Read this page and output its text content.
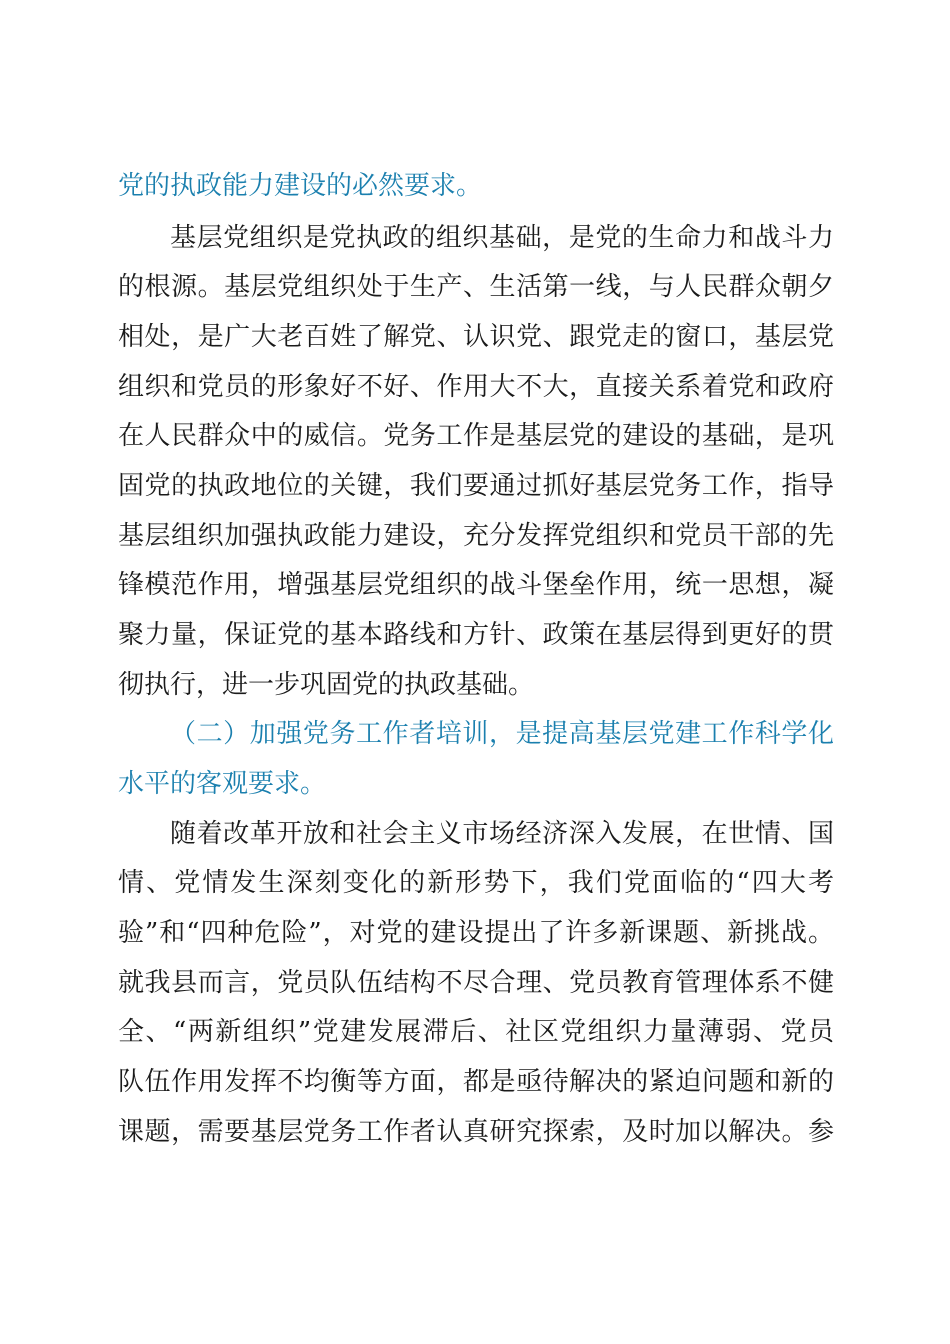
党的执政能力建设的必然要求。
基层党组织是党执政的组织基础，是党的生命力和战斗力
的根源。基层党组织处于生产、生活第一线，与人民群众朝夕
相处，是广大老百姓了解党、认识党、跟党走的窗口，基层党
组织和党员的形象好不好、作用大不大，直接关系着党和政府
在人民群众中的威信。党务工作是基层党的建设的基础，是巩
固党的执政地位的关键，我们要通过抓好基层党务工作，指导
基层组织加强执政能力建设，充分发挥党组织和党员干部的先
锋模范作用，增强基层党组织的战斗堡垒作用，统一思想，凝
聚力量，保证党的基本路线和方针、政策在基层得到更好的贯
彻执行，进一步巩固党的执政基础。
（二）加强党务工作者培训，是提高基层党建工作科学化
水平的客观要求。
随着改革开放和社会主义市场经济深入发展，在世情、国
情、党情发生深刻变化的新形势下，我们党面临的“四大考
验”和“四种危险”，对党的建设提出了许多新课题、新挑战。
就我县而言，党员队伍结构不尽合理、党员教育管理体系不健
全、“两新组织”党建发展滞后、社区党组织力量薄弱、党员
队伍作用发挥不均衡等方面，都是亟待解决的紧迫问题和新的
课题，需要基层党务工作者认真研究探索，及时加以解决。参
